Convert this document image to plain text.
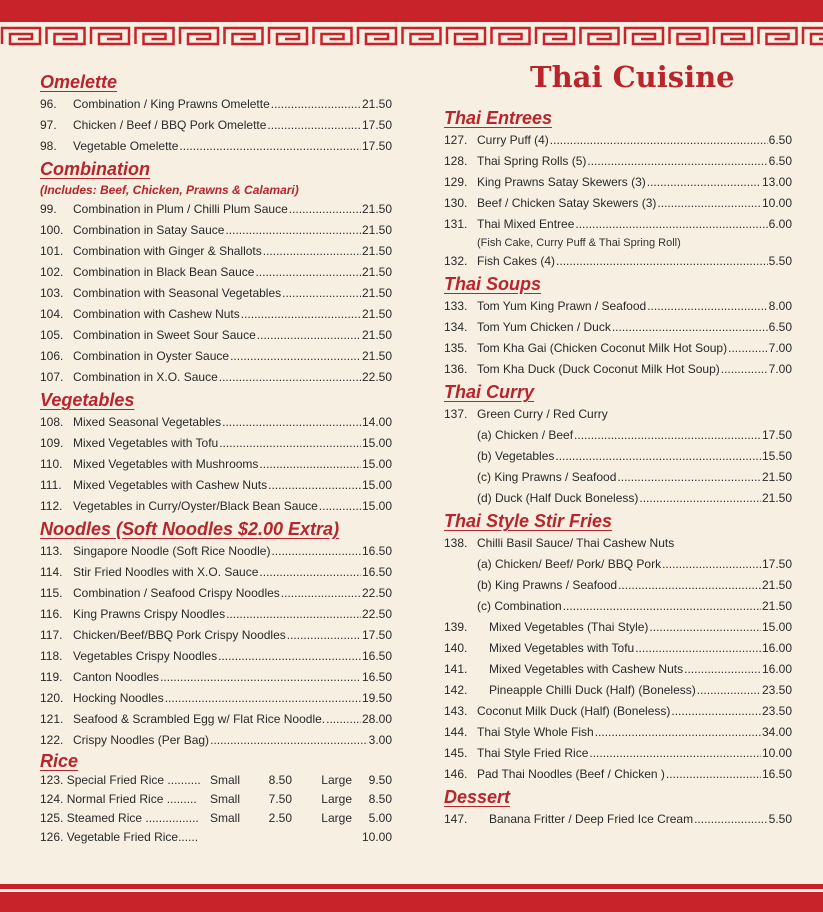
Thai Cuisine
Omelette
96.	Combination / King Prawns Omelette .....	21.50
97.	Chicken / Beef / BBQ Pork Omelette .....	17.50
98.	Vegetable Omelette .....	17.50
Combination
(Includes: Beef, Chicken, Prawns & Calamari)
99.	Combination in Plum / Chilli Plum Sauce .....	21.50
100. Combination in Satay Sauce .....	21.50
101. Combination with Ginger & Shallots .....	21.50
102. Combination in Black Bean Sauce .....	21.50
103. Combination with Seasonal Vegetables .....	21.50
104. Combination with Cashew Nuts .....	21.50
105. Combination in Sweet Sour Sauce .....	21.50
106. Combination in Oyster Sauce .....	21.50
107. Combination in X.O. Sauce .....	22.50
Vegetables
108. Mixed Seasonal Vegetables .....	14.00
109. Mixed Vegetables with Tofu .....	15.00
110. Mixed Vegetables with Mushrooms .....	15.00
111. Mixed Vegetables with Cashew Nuts .....	15.00
112. Vegetables in Curry/Oyster/Black Bean Sauce .....	15.00
Noodles (Soft Noodles $2.00 Extra)
113. Singapore Noodle (Soft Rice Noodle) .....	16.50
114. Stir Fried Noodles with X.O. Sauce .....	16.50
115. Combination / Seafood Crispy Noodles .....	22.50
116. King Prawns Crispy Noodles .....	22.50
117. Chicken/Beef/BBQ Pork Crispy Noodles .....	17.50
118. Vegetables Crispy Noodles .....	16.50
119. Canton Noodles .....	16.50
120. Hocking Noodles .....	19.50
121. Seafood & Scrambled Egg w/ Flat Rice Noodle. .....	28.00
122. Crispy Noodles (Per Bag) .....	3.00
Rice
123. Special Fried Rice .......... Small	8.50	Large	9.50
124. Normal Fried Rice .........	Small	7.50	Large	8.50
125. Steamed Rice ................ Small	2.50	Large	5.00
126. Vegetable Fried Rice......	10.00
Thai Entrees
127. Curry Puff (4) .....	6.50
128. Thai Spring Rolls (5) .....	6.50
129. King Prawns Satay Skewers (3) .....	13.00
130. Beef / Chicken Satay Skewers (3) .....	10.00
131. Thai Mixed Entree .....	6.00
(Fish Cake, Curry Puff & Thai Spring Roll)
132. Fish Cakes (4) .....	5.50
Thai Soups
133. Tom Yum King Prawn / Seafood .....	8.00
134. Tom Yum Chicken / Duck .....	6.50
135. Tom Kha Gai (Chicken Coconut Milk Hot Soup) .....	7.00
136. Tom Kha Duck (Duck Coconut Milk Hot Soup) .....	7.00
Thai Curry
137. Green Curry / Red Curry
(a) Chicken / Beef .....	17.50
(b) Vegetables .....	15.50
(c) King Prawns / Seafood .....	21.50
(d) Duck (Half Duck Boneless) .....	21.50
Thai Style Stir Fries
138. Chilli Basil Sauce/ Thai Cashew Nuts
(a) Chicken/ Beef/ Pork/ BBQ Pork .....	17.50
(b) King Prawns / Seafood .....	21.50
(c) Combination .....	21.50
139.	Mixed Vegetables (Thai Style) .....	15.00
140.	Mixed Vegetables with Tofu .....	16.00
141.	Mixed Vegetables with Cashew Nuts .....	16.00
142.	Pineapple Chilli Duck (Half) (Boneless) .....	23.50
143. Coconut Milk Duck (Half) (Boneless) .....	23.50
144. Thai Style Whole Fish .....	34.00
145. Thai Style Fried Rice .....	10.00
146. Pad Thai Noodles (Beef / Chicken ) .....	16.50
Dessert
147.	Banana Fritter / Deep Fried Ice Cream .....	5.50
